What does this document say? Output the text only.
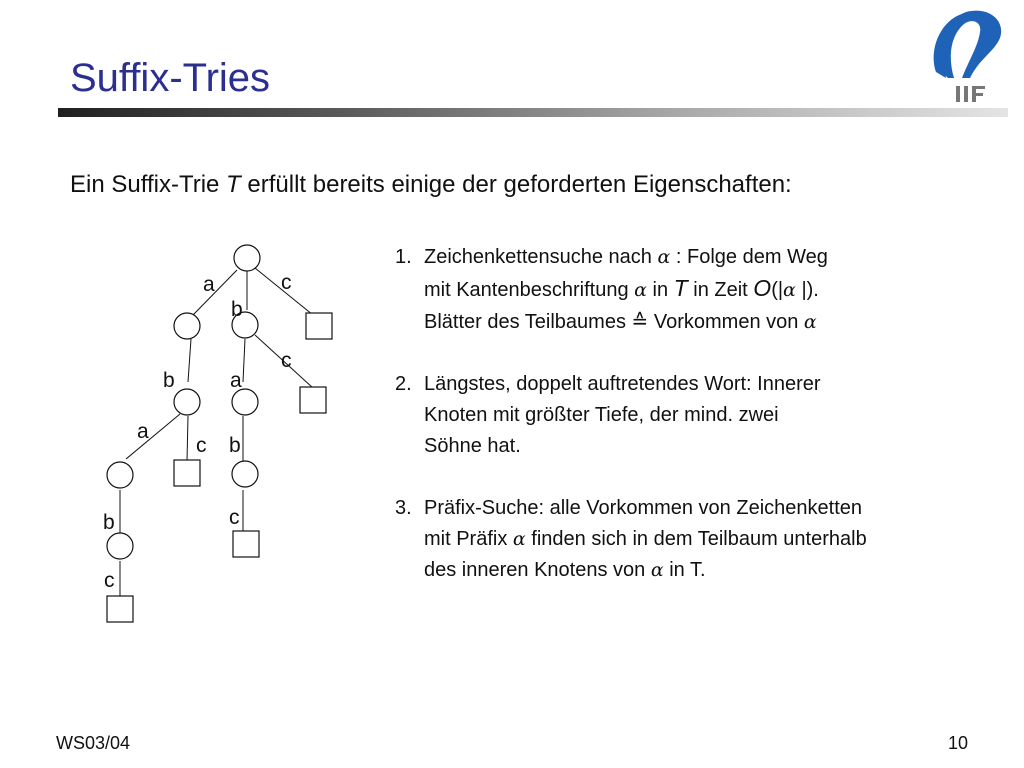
Suffix-Tries
Ein Suffix-Trie T erfüllt bereits einige der geforderten Eigenschaften:
a
b
c
b	a
c
a
c b
b	c
c
1. Zeichenkettensuche nach α : Folge dem Weg
mit Kantenbeschriftung α in T in Zeit O(|α |).
Blätter des Teilbaumes ≙ Vorkommen von α
2. Längstes, doppelt auftretendes Wort: Innerer
Knoten mit größter Tiefe, der mind. zwei
Söhne hat.
3. Präfix-Suche: alle Vorkommen von Zeichenketten
mit Präfix α finden sich in dem Teilbaum unterhalb
des inneren Knotens von α in T.
WS03/04	10
